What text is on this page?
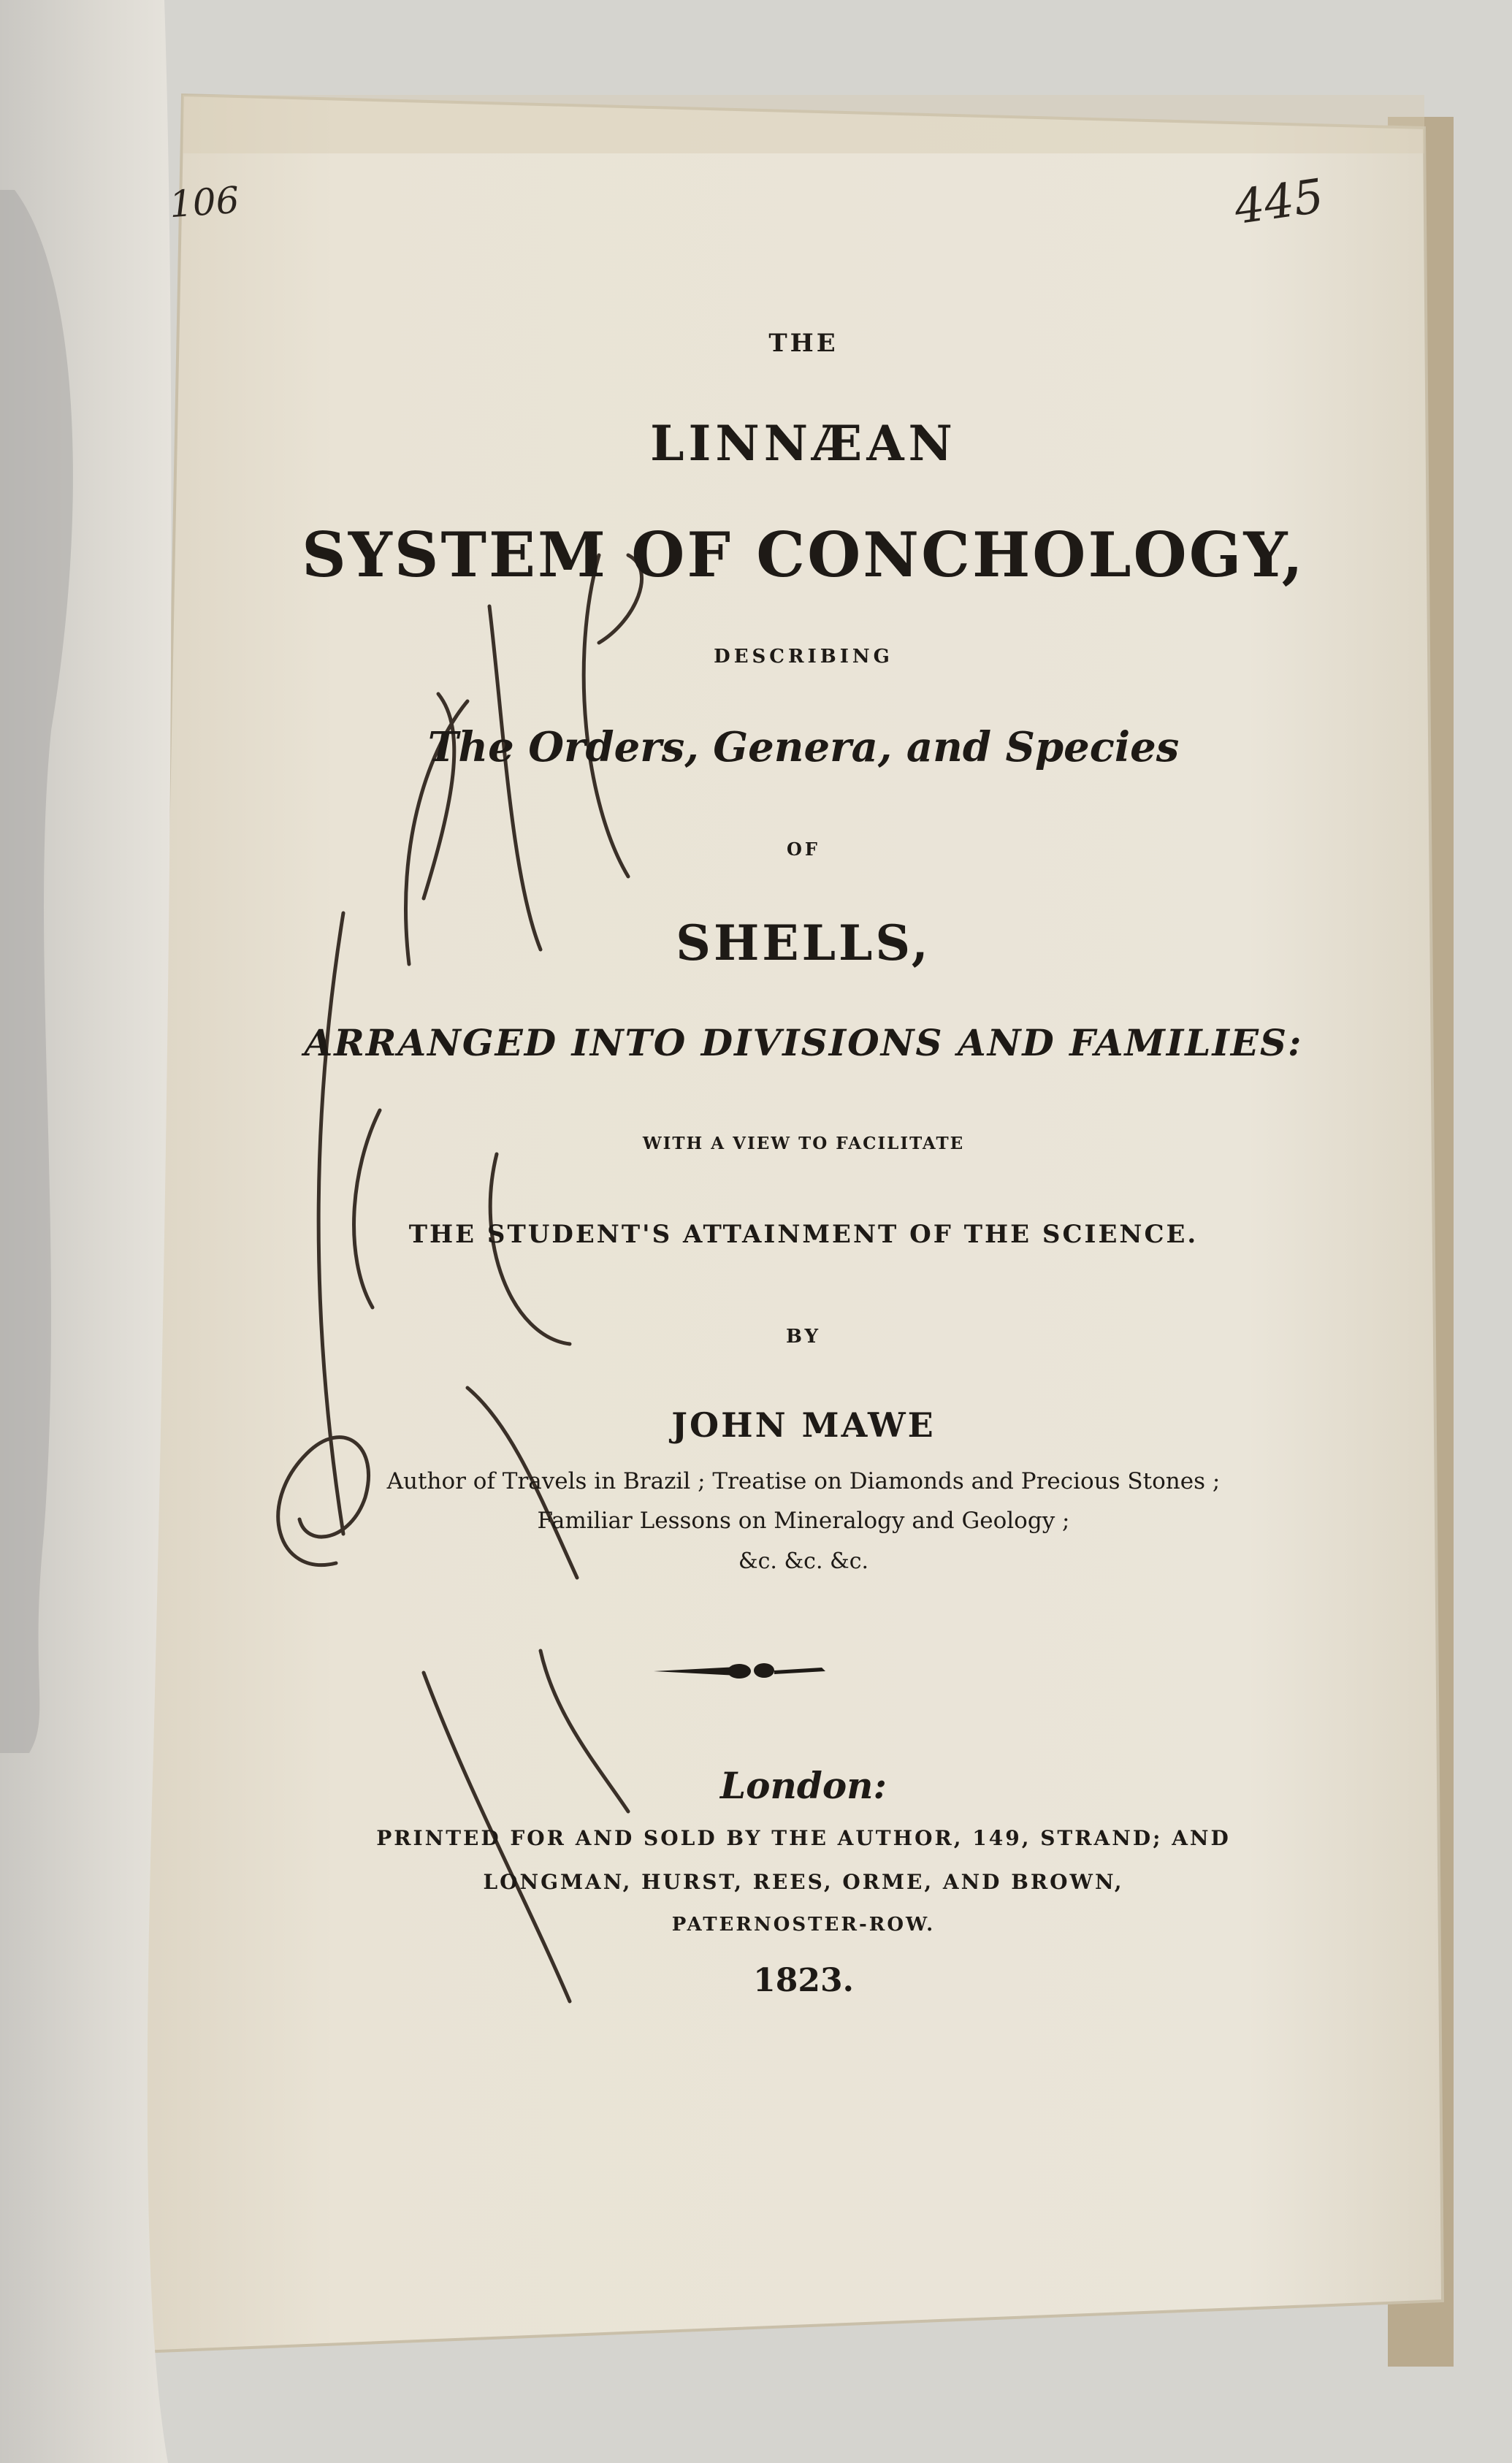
106	445
THE
LINNÆAN
SYSTEM OF CONCHOLOGY,
DESCRIBING
The Orders, Genera, and Species
OF
SHELLS,
ARRANGED INTO DIVISIONS AND FAMILIES:
WITH A VIEW TO FACILITATE
THE STUDENT'S ATTAINMENT OF THE SCIENCE.
BY
JOHN MAWE
Author of Travels in Brazil ; Treatise on Diamonds and Precious Stones ;
Familiar Lessons on Mineralogy and Geology ;
&c. &c. &c.
London:
PRINTED FOR AND SOLD BY THE AUTHOR, 149, STRAND; AND
LONGMAN, HURST, REES, ORME, AND BROWN,
PATERNOSTER-ROW.
1823.
